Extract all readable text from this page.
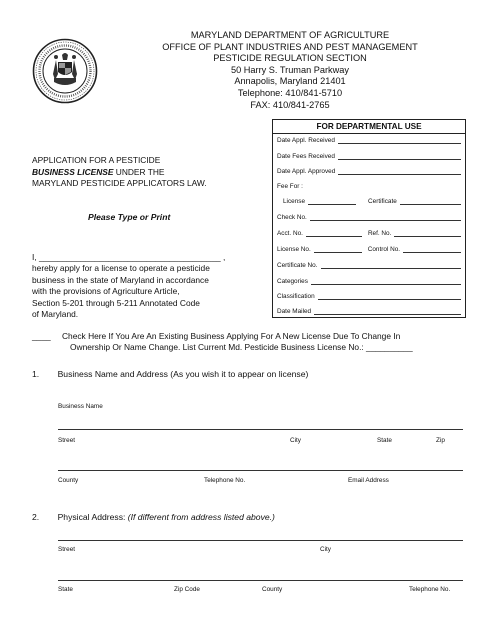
MARYLAND DEPARTMENT OF AGRICULTURE
OFFICE OF PLANT INDUSTRIES AND PEST MANAGEMENT
PESTICIDE REGULATION SECTION
50 Harry S. Truman Parkway
Annapolis, Maryland 21401
Telephone: 410/841-5710
FAX: 410/841-2765
APPLICATION FOR A PESTICIDE
BUSINESS LICENSE UNDER THE
MARYLAND PESTICIDE APPLICATORS LAW.
Please Type or Print
I, _______________________________________ ,
hereby apply for a license to operate a pesticide
business in the state of Maryland in accordance
with the provisions of Agriculture Article,
Section 5-201 through 5-211 Annotated Code
of Maryland.
FOR DEPARTMENTAL USE
Date Appl. Received
Date Fees Received
Date Appl. Approved
Fee For :
License	Certificate
Check No.
Acct. No.	Ref. No.
License No.	Control No.
Certificate No.
Categories
Classification
Date Mailed
____ Check Here If You Are An Existing Business Applying For A New License Due To Change In
Ownership Or Name Change. List Current Md. Pesticide Business License No.: __________
1. Business Name and Address (As you wish it to appear on license)
Business Name
Street	City	State	Zip
County	Telephone No.	Email Address
2. Physical Address: (If different from address listed above.)
Street	City
State	Zip Code	County	Telephone No.
